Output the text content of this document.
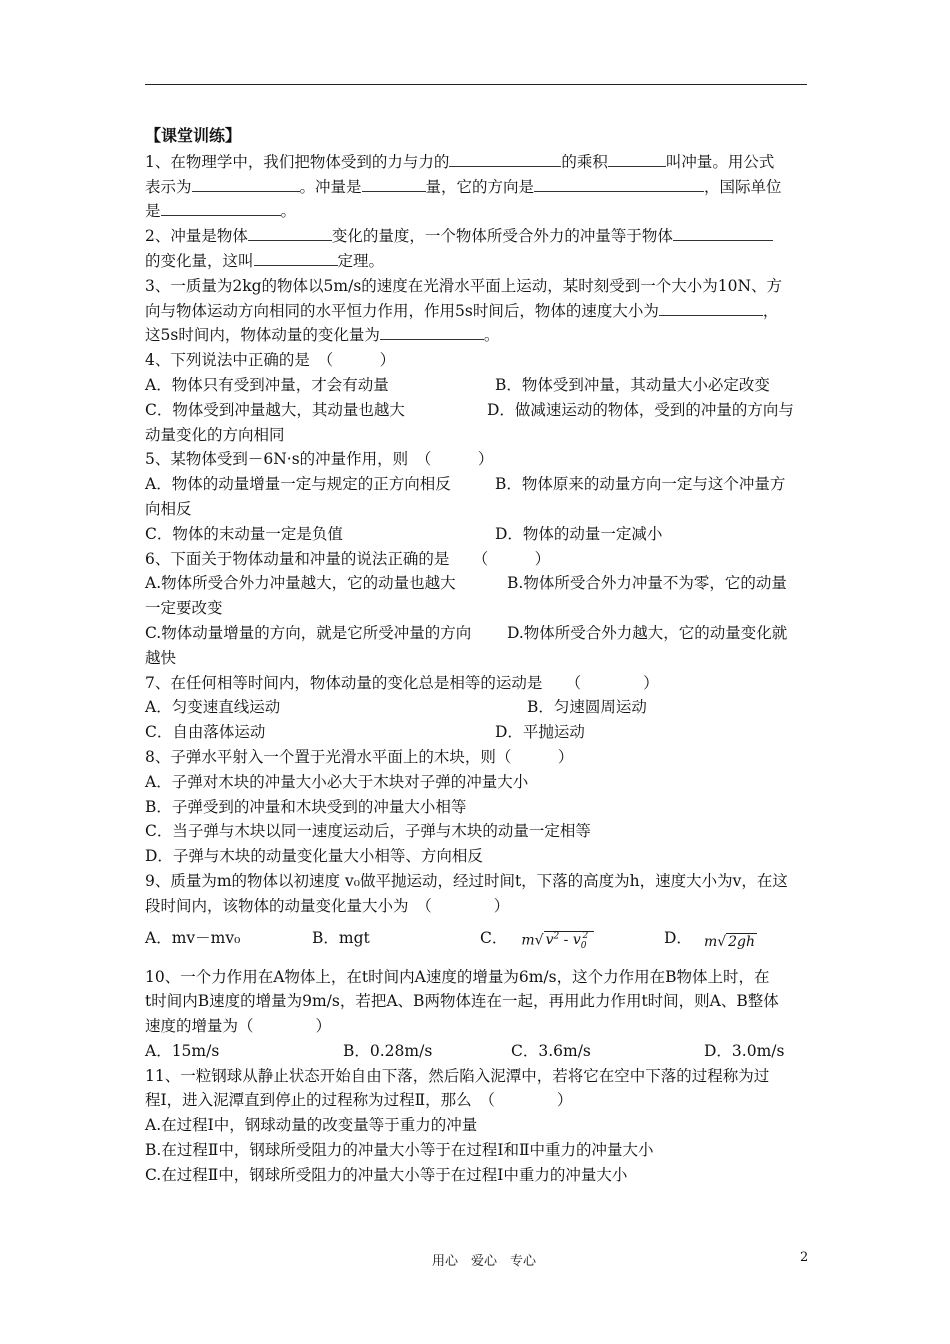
【课堂训练】
1、在物理学中，我们把物体受到的力与力的	的乘积	叫冲量。用公式
表示为	。冲量是	量，它的方向是	，国际单位
是	。
2、冲量是物体	变化的量度，一个物体所受合外力的冲量等于物体
的变化量，这叫	定理。
3、一质量为2kg的物体以5m/s的速度在光滑水平面上运动，某时刻受到一个大小为10N、方
向与物体运动方向相同的水平恒力作用，作用5s时间后，物体的速度大小为	，
这5s时间内，物体动量的变化量为	。
4、下列说法中正确的是　（　　　）
A．物体只有受到冲量，才会有动量	B．物体受到冲量，其动量大小必定改变
C．物体受到冲量越大，其动量也越大	D．做减速运动的物体，受到的冲量的方向与
动量变化的方向相同
5、某物体受到－6N·s的冲量作用，则　（　　　）
A．物体的动量增量一定与规定的正方向相反	B．物体原来的动量方向一定与这个冲量方
向相反
C．物体的末动量一定是负值	D．物体的动量一定减小
6、下面关于物体动量和冲量的说法正确的是　　（　　　）
A.物体所受合外力冲量越大，它的动量也越大	B.物体所受合外力冲量不为零，它的动量
一定要改变
C.物体动量增量的方向，就是它所受冲量的方向	D.物体所受合外力越大，它的动量变化就
越快
7、在任何相等时间内，物体动量的变化总是相等的运动是　　（　　　　）
A．匀变速直线运动	B．匀速圆周运动
C．自由落体运动	D．平抛运动
8、子弹水平射入一个置于光滑水平面上的木块，则（　　　）
A．子弹对木块的冲量大小必大于木块对子弹的冲量大小
B．子弹受到的冲量和木块受到的冲量大小相等
C．当子弹与木块以同一速度运动后，子弹与木块的动量一定相等
D．子弹与木块的动量变化量大小相等、方向相反
9、质量为m的物体以初速度 v₀做平抛运动，经过时间t，下落的高度为h，速度大小为v，在这
段时间内，该物体的动量变化量大小为　（　　　　）
A．mv－mv₀	B．mgt	C． m√ $v^2 - v_0^2$	D． m√ 2gh
10、一个力作用在A物体上，在t时间内A速度的增量为6m/s，这个力作用在B物体上时，在
t时间内B速度的增量为9m/s，若把A、B两物体连在一起，再用此力作用t时间，则A、B整体
速度的增量为（　　　　）
A．15m/s	B．0.28m/s	C．3.6m/s	D．3.0m/s
11、一粒钢球从静止状态开始自由下落，然后陷入泥潭中，若将它在空中下落的过程称为过
程Ⅰ，进入泥潭直到停止的过程称为过程Ⅱ，那么　（　　　　）
A.在过程Ⅰ中，钢球动量的改变量等于重力的冲量
B.在过程Ⅱ中，钢球所受阻力的冲量大小等于在过程Ⅰ和Ⅱ中重力的冲量大小
C.在过程Ⅱ中，钢球所受阻力的冲量大小等于在过程Ⅰ中重力的冲量大小
用心　爱心　专心	2
